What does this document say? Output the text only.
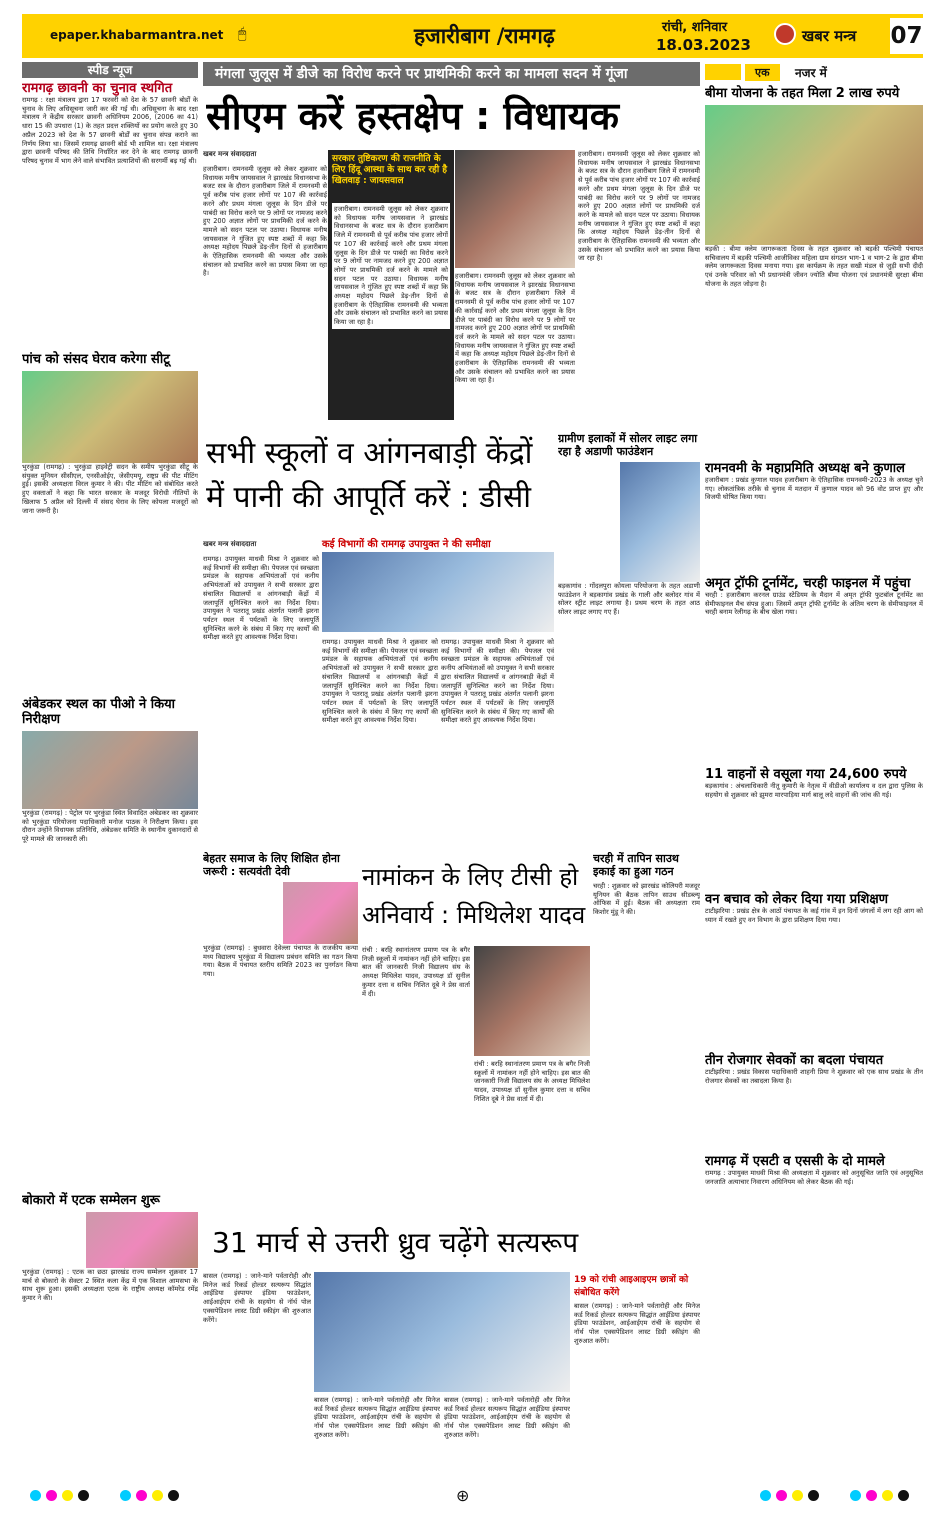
epaper.khabarmantra.net 🖱	हजारीबाग /रामगढ़	रांची, शनिवार
18.03.2023	खबर मन्त्र 07
स्पीड न्यूज
रामगढ़ छावनी का चुनाव स्थगित
रामगढ़ : रक्षा मंत्रालय द्वारा 17 फरवरी को देश के 57 छावनी बोर्डों के चुनाव के लिए अधिसूचना जारी कर की गई थी। अधिसूचना के बाद रक्षा मंत्रालय ने केंद्रीय सरकार छावनी अधिनियम 2006, (2006 का 41) धारा 15 की उपधारा (1) के तहत प्रदत्त शक्तियों का प्रयोग करते हुए 30 अप्रैल 2023 को देश के 57 छावनी बोर्डों का चुनाव संपन्न कराने का निर्णय लिया था। जिसमें रामगढ़ छावनी बोर्ड भी शामिल था। रक्षा मंत्रालय द्वारा छावनी परिषद की तिथि निर्धारित कर देने के बाद रामगढ़ छावनी परिषद चुनाव में भाग लेने वाले संभावित प्रत्याशियों की सरगर्मी बढ़ गई थी।
पांच को संसद घेराव करेगा सीटू
भुरकुंडा (रामगढ़) : भुरकुंडा हाइवेट्री सदन के समीप भुरकुंडा सीटू के संयुक्त मुनियन सीसीएल, एनसीओईए, जेसीएमयू, राष्ट्रप्र की पीट मीटिंग हुई। इसकी अध्यक्षता विरल कुमार ने की। पीट मीटिंग को संबोधित करते हुए वक्ताओं ने कहा कि भारत सरकार के मजदूर विरोधी नीतियों के खिलाफ 5 अप्रैल को दिल्ली में संसद घेराव के लिए कोयला मजदूरों को जाना जरूरी है।
अंबेडकर स्थल का पीओ ने किया निरीक्षण
भुरकुंडा (रामगढ़) : पेट्रोल पर भुरकुंडा स्थित विवादित अंबेडकर का शुक्रवार को भुरकुंडा परियोजना पदाधिकारी मनोज पाठक ने निरीक्षण किया। इस दौरान उन्होंने विधायक प्रतिनिधि, अंबेडकर समिति के स्थानीय दुकानदारों से पूरे मामले की जानकारी ली।
बोकारो में एटक सम्मेलन शुरू
भुरकुंडा (रामगढ़) : एटक का छठा झारखंड राज्य सम्मेलन शुक्रवार 17 मार्च से बोकारो के सेक्टर 2 स्थित कला केंद्र में एक विशाल आमसभा के साथ शुरू हुआ। इसकी अध्यक्षता एटक के राष्ट्रीय अध्यक्ष कॉमरेड रमेंद्र कुमार ने की।
मंगला जुलूस में डीजे का विरोध करने पर प्राथमिकी करने का मामला सदन में गूंजा
सीएम करें हस्तक्षेप : विधायक
खबर मन्त्र संवाददाता
हजारीबाग। रामनवमी जुलूस को लेकर शुक्रवार को विधायक मनीष जायसवाल ने झारखंड विधानसभा के बजट सत्र के दौरान हजारीबाग जिले में रामनवमी से पूर्व करीब पांच हजार लोगों पर 107 की कार्रवाई करने और प्रथम मंगला जुलूस के दिन डीजे पर पाबंदी का विरोध करने पर 9 लोगों पर नामजद करने हुए 200 अज्ञात लोगों पर प्राथमिकी दर्ज करने के मामले को सदन पटल पर उठाया। विधायक मनीष जायसवाल ने गुंजित हुए स्पष्ट शब्दों में कहा कि अध्यक्ष महोदय पिछले डेढ़-तीन दिनों से हजारीबाग के ऐतिहासिक रामनवमी की भव्यता और उसके संचालन को प्रभावित करने का प्रयास किया जा रहा है।
सरकार तुष्टिकरण की राजनीति के लिए हिंदू आस्था के साथ कर रही है खिलवाड़ : जायसवाल
हजारीबाग। रामनवमी जुलूस को लेकर शुक्रवार को विधायक मनीष जायसवाल ने झारखंड विधानसभा के बजट सत्र के दौरान हजारीबाग जिले में रामनवमी से पूर्व करीब पांच हजार लोगों पर 107 की कार्रवाई करने और प्रथम मंगला जुलूस के दिन डीजे पर पाबंदी का विरोध करने पर 9 लोगों पर नामजद करने हुए 200 अज्ञात लोगों पर प्राथमिकी दर्ज करने के मामले को सदन पटल पर उठाया। विधायक मनीष जायसवाल ने गुंजित हुए स्पष्ट शब्दों में कहा कि अध्यक्ष महोदय पिछले डेढ़-तीन दिनों से हजारीबाग के ऐतिहासिक रामनवमी की भव्यता और उसके संचालन को प्रभावित करने का प्रयास किया जा रहा है।
हजारीबाग। रामनवमी जुलूस को लेकर शुक्रवार को विधायक मनीष जायसवाल ने झारखंड विधानसभा के बजट सत्र के दौरान हजारीबाग जिले में रामनवमी से पूर्व करीब पांच हजार लोगों पर 107 की कार्रवाई करने और प्रथम मंगला जुलूस के दिन डीजे पर पाबंदी का विरोध करने पर 9 लोगों पर नामजद करने हुए 200 अज्ञात लोगों पर प्राथमिकी दर्ज करने के मामले को सदन पटल पर उठाया। विधायक मनीष जायसवाल ने गुंजित हुए स्पष्ट शब्दों में कहा कि अध्यक्ष महोदय पिछले डेढ़-तीन दिनों से हजारीबाग के ऐतिहासिक रामनवमी की भव्यता और उसके संचालन को प्रभावित करने का प्रयास किया जा रहा है।
हजारीबाग। रामनवमी जुलूस को लेकर शुक्रवार को विधायक मनीष जायसवाल ने झारखंड विधानसभा के बजट सत्र के दौरान हजारीबाग जिले में रामनवमी से पूर्व करीब पांच हजार लोगों पर 107 की कार्रवाई करने और प्रथम मंगला जुलूस के दिन डीजे पर पाबंदी का विरोध करने पर 9 लोगों पर नामजद करने हुए 200 अज्ञात लोगों पर प्राथमिकी दर्ज करने के मामले को सदन पटल पर उठाया। विधायक मनीष जायसवाल ने गुंजित हुए स्पष्ट शब्दों में कहा कि अध्यक्ष महोदय पिछले डेढ़-तीन दिनों से हजारीबाग के ऐतिहासिक रामनवमी की भव्यता और उसके संचालन को प्रभावित करने का प्रयास किया जा रहा है।
सभी स्कूलों व आंगनबाड़ी केंद्रों में पानी की आपूर्ति करें : डीसी
खबर मन्त्र संवाददाता
रामगढ़। उपायुक्त माधवी मिश्रा ने शुक्रवार को कई विभागों की समीक्षा की। पेयजल एवं स्वच्छता प्रमंडल के सहायक अभियंताओं एवं कनीय अभियंताओं को उपायुक्त ने सभी सरकार द्वारा संचालित विद्यालयों व आंगनबाड़ी केंद्रों में जलापूर्ति सुनिश्चित करने का निर्देश दिया। उपायुक्त ने पतरातू प्रखंड अंतर्गत पलानी झरना पर्यटन स्थल में पर्यटकों के लिए जलापूर्ति सुनिश्चित करने के संबंध में किए गए कार्यों की समीक्षा करते हुए आवश्यक निर्देश दिया।
कई विभागों की रामगढ़ उपायुक्त ने की समीक्षा
रामगढ़। उपायुक्त माधवी मिश्रा ने शुक्रवार को कई विभागों की समीक्षा की। पेयजल एवं स्वच्छता प्रमंडल के सहायक अभियंताओं एवं कनीय अभियंताओं को उपायुक्त ने सभी सरकार द्वारा संचालित विद्यालयों व आंगनबाड़ी केंद्रों में जलापूर्ति सुनिश्चित करने का निर्देश दिया। उपायुक्त ने पतरातू प्रखंड अंतर्गत पलानी झरना पर्यटन स्थल में पर्यटकों के लिए जलापूर्ति सुनिश्चित करने के संबंध में किए गए कार्यों की समीक्षा करते हुए आवश्यक निर्देश दिया।
रामगढ़। उपायुक्त माधवी मिश्रा ने शुक्रवार को कई विभागों की समीक्षा की। पेयजल एवं स्वच्छता प्रमंडल के सहायक अभियंताओं एवं कनीय अभियंताओं को उपायुक्त ने सभी सरकार द्वारा संचालित विद्यालयों व आंगनबाड़ी केंद्रों में जलापूर्ति सुनिश्चित करने का निर्देश दिया। उपायुक्त ने पतरातू प्रखंड अंतर्गत पलानी झरना पर्यटन स्थल में पर्यटकों के लिए जलापूर्ति सुनिश्चित करने के संबंध में किए गए कार्यों की समीक्षा करते हुए आवश्यक निर्देश दिया।
ग्रामीण इलाकों में सोलर लाइट लगा रहा है अडाणी फाउंडेशन
बड़कागांव : गोंदलपुरा कोयला परियोजना के तहत अडाणी फाउंडेशन ने बड़कागांव प्रखंड के गाली और बलोदर गांव में सोलर स्ट्रीट लाइट लगाया है। प्रथम चरण के तहत आठ सोलर लाइट लगाए गए हैं।
बेहतर समाज के लिए शिक्षित होना जरूरी : सत्यवंती देवी
भुरकुंडा (रामगढ़) : बुधवारा देवेल्ला पंचायत के राजकीय कन्या मध्य विद्यालय भुरकुंडा में विद्यालय प्रबंधन समिति का गठन किया गया। बैठक में पंचायत स्तरीय समिति 2023 का पुनर्गठन किया गया।
नामांकन के लिए टीसी हो अनिवार्य : मिथिलेश यादव
रांची : बरहि स्थानांतरण प्रमाण पत्र के बगैर निजी स्कूलों में नामांकन नहीं होने चाहिए। इस बात की जानकारी निजी विद्यालय संघ के अध्यक्ष मिथिलेश यादव, उपाध्यक्ष डॉ सुनील कुमार दत्ता व सचिव निशित दूबे ने प्रेस वार्ता में दी।
रांची : बरहि स्थानांतरण प्रमाण पत्र के बगैर निजी स्कूलों में नामांकन नहीं होने चाहिए। इस बात की जानकारी निजी विद्यालय संघ के अध्यक्ष मिथिलेश यादव, उपाध्यक्ष डॉ सुनील कुमार दत्ता व सचिव निशित दूबे ने प्रेस वार्ता में दी।
चरही में तापिन साउथ इकाई का हुआ गठन
चरही : शुक्रवार को झारखंड कोलियरी मजदूर यूनियन की बैठक तापिन साउथ सीडब्ल्यू ऑफिस में हुई। बैठक की अध्यक्षता राम किशोर मुंडू ने की।
31 मार्च से उत्तरी ध्रुव चढ़ेंगे सत्यरूप
बासल (रामगढ़) : जाने-माने पर्वतारोही और मिनेज कर्ड रिकर्ड होल्डर सत्यरूप सिद्धांत आईडिया इंस्पायर इंडिया फाउंडेशन, आईआईएम रांची के सहयोग से नॉर्थ पोल एक्सपेडिशन लास्ट डिग्री स्कीइंग की शुरुआत करेंगे।
बासल (रामगढ़) : जाने-माने पर्वतारोही और मिनेज कर्ड रिकर्ड होल्डर सत्यरूप सिद्धांत आईडिया इंस्पायर इंडिया फाउंडेशन, आईआईएम रांची के सहयोग से नॉर्थ पोल एक्सपेडिशन लास्ट डिग्री स्कीइंग की शुरुआत करेंगे।
बासल (रामगढ़) : जाने-माने पर्वतारोही और मिनेज कर्ड रिकर्ड होल्डर सत्यरूप सिद्धांत आईडिया इंस्पायर इंडिया फाउंडेशन, आईआईएम रांची के सहयोग से नॉर्थ पोल एक्सपेडिशन लास्ट डिग्री स्कीइंग की शुरुआत करेंगे।
19 को रांची आइआइएम छात्रों को संबोधित करेंगे
बासल (रामगढ़) : जाने-माने पर्वतारोही और मिनेज कर्ड रिकर्ड होल्डर सत्यरूप सिद्धांत आईडिया इंस्पायर इंडिया फाउंडेशन, आईआईएम रांची के सहयोग से नॉर्थ पोल एक्सपेडिशन लास्ट डिग्री स्कीइंग की शुरुआत करेंगे।
एक	नजर में
बीमा योजना के तहत मिला 2 लाख रुपये
बड़की : बीमा क्लेम जागरूकता दिवस के तहत शुक्रवार को बड़की पश्चिमी पंचायत सचिवालय में बड़की पश्चिमी आजीविका महिला ग्राम संगठन भाग-1 व भाग-2 के द्वारा बीमा क्लेम जागरूकता दिवस मनाया गया। इस कार्यक्रम के तहत सखी मंडल से जुड़ी सभी दीदी एवं उनके परिवार को भी प्रधानमंत्री जीवन ज्योति बीमा योजना एवं प्रधानमंत्री सुरक्षा बीमा योजना के तहत जोड़ना है।
रामनवमी के महाप्रमिति अध्यक्ष बने कुणाल
हजारीबाग : प्रखंड कुणाल यादव हजारीबाग के ऐतिहासिक रामनवमी-2023 के अध्यक्ष चुने गए। लोकतांत्रिक तरीके से चुनाव में मतदान में कुणाल यादव को 96 वोट प्राप्त हुए और विजयी घोषित किया गया।
अमृत ट्रॉफी टूर्नामेंट, चरही फाइनल में पहुंचा
चरही : हजारीबाग करनल ग्राउंड स्टेडियम के मैदान में अमृत ट्रॉफी फुटबॉल टूर्नामेंट का सेमीफाइनल मैच संपन्न हुआ। जिसमें अमृत ट्रॉफी टूर्नामेंट के अंतिम चरण के सेमीफाइनल में चरही बनाम रेलीगढ़ के बीच खेला गया।
11 वाहनों से वसूला गया 24,600 रुपये
बड़कागांव : अंचलाधिकारी नीतू कुमारी के नेतृत्व में वीडीओ कार्यालय व दल द्वारा पुलिस के सहयोग से शुक्रवार को झुमरा मारपाड़िया मार्ग बालू लदे वाहनों की जांच की गई।
वन बचाव को लेकर दिया गया प्रशिक्षण
टाटीझरिया : प्रखंड क्षेत्र के आठों पंचायत के कई गांव में इन दिनों जंगलों में लग रही आग को ध्यान में रखते हुए वन विभाग के द्वारा प्रशिक्षण दिया गया।
तीन रोजगार सेवकों का बदला पंचायत
टाटीझरिया : प्रखंड विकास पदाधिकारी शाहनी प्रिया ने शुक्रवार को एक साथ प्रखंड के तीन रोजगार सेवकों का तबादला किया है।
रामगढ़ में एसटी व एससी के दो मामले
रामगढ़ : उपायुक्त माधवी मिश्रा की अध्यक्षता में शुक्रवार को अनुसूचित जाति एवं अनुसूचित जनजाति अत्याचार निवारण अधिनियम को लेकर बैठक की गई।
⊕
